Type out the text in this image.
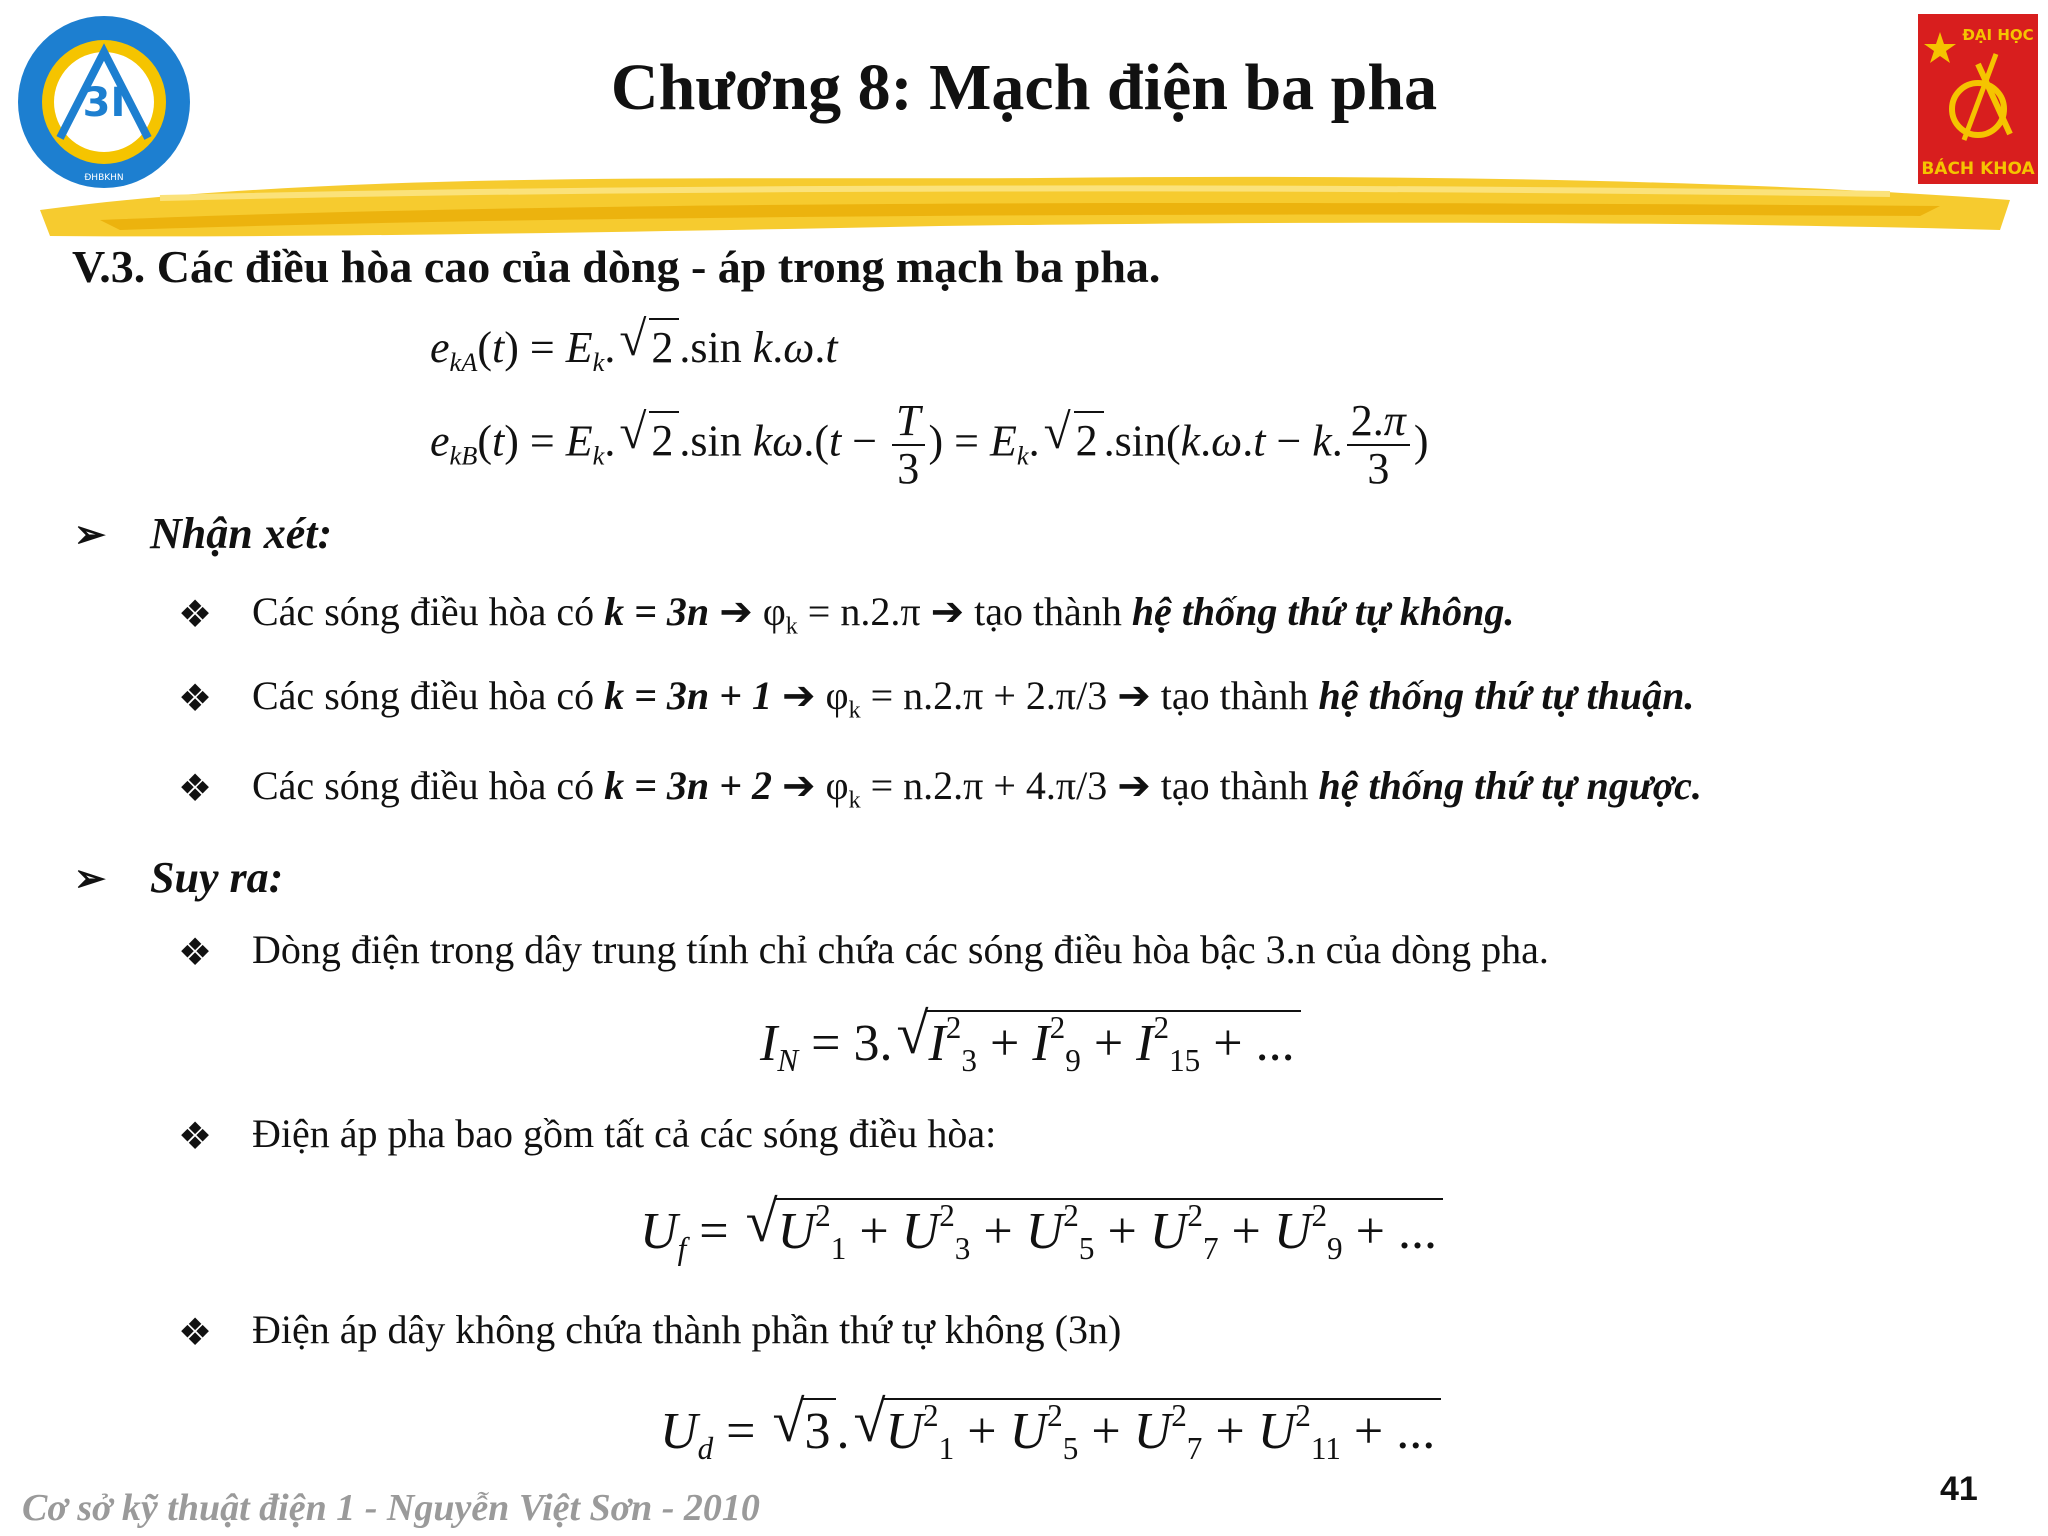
3I
ĐHBKHN
ĐẠI HỌC
BÁCH KHOA
Chương 8: Mạch điện ba pha
V.3. Các điều hòa cao của dòng - áp trong mạch ba pha.
$e_{kA}(t) = E_k$. √ 2 .sin k.ω.t
$e_{kB}(t) = E_k$. √ 2 .sin $k\omega.(t - \frac{T}{3}$ ) = $E_k$. √ 2 .sin(k.ω.t − k. $\frac{2.\pi}{3}$ )
➢ Nhận xét:
❖ Các sóng điều hòa có k = 3n ➔ $\varphi_k = n.2.\pi$ ➔ tạo thành hệ thống thứ tự không.
❖ Các sóng điều hòa có k = 3n + 1 ➔ $\varphi_k = n.2.\pi + 2.\pi/3$ ➔ tạo thành hệ thống thứ tự thuận.
❖ Các sóng điều hòa có k = 3n + 2 ➔ $\varphi_k = n.2.\pi + 4.\pi/3$ ➔ tạo thành hệ thống thứ tự ngược.
➢ Suy ra:
❖ Dòng điện trong dây trung tính chỉ chứa các sóng điều hòa bậc 3.n của dòng pha.
$I_N = 3$. √ $I^2_3 + I^2_9 + I^2_{15}$ + ...
❖ Điện áp pha bao gồm tất cả các sóng điều hòa:
$U_f$ = √ $U^2_1 + U^2_3 + U^2_5 + U^2_7 + U^2_9$ + ...
❖ Điện áp dây không chứa thành phần thứ tự không (3n)
$U_d$ = √ 3 . √ $U^2_1 + U^2_5 + U^2_7 + U^2_{11}$ + ...
Cơ sở kỹ thuật điện 1 - Nguyễn Việt Sơn - 2010	41
